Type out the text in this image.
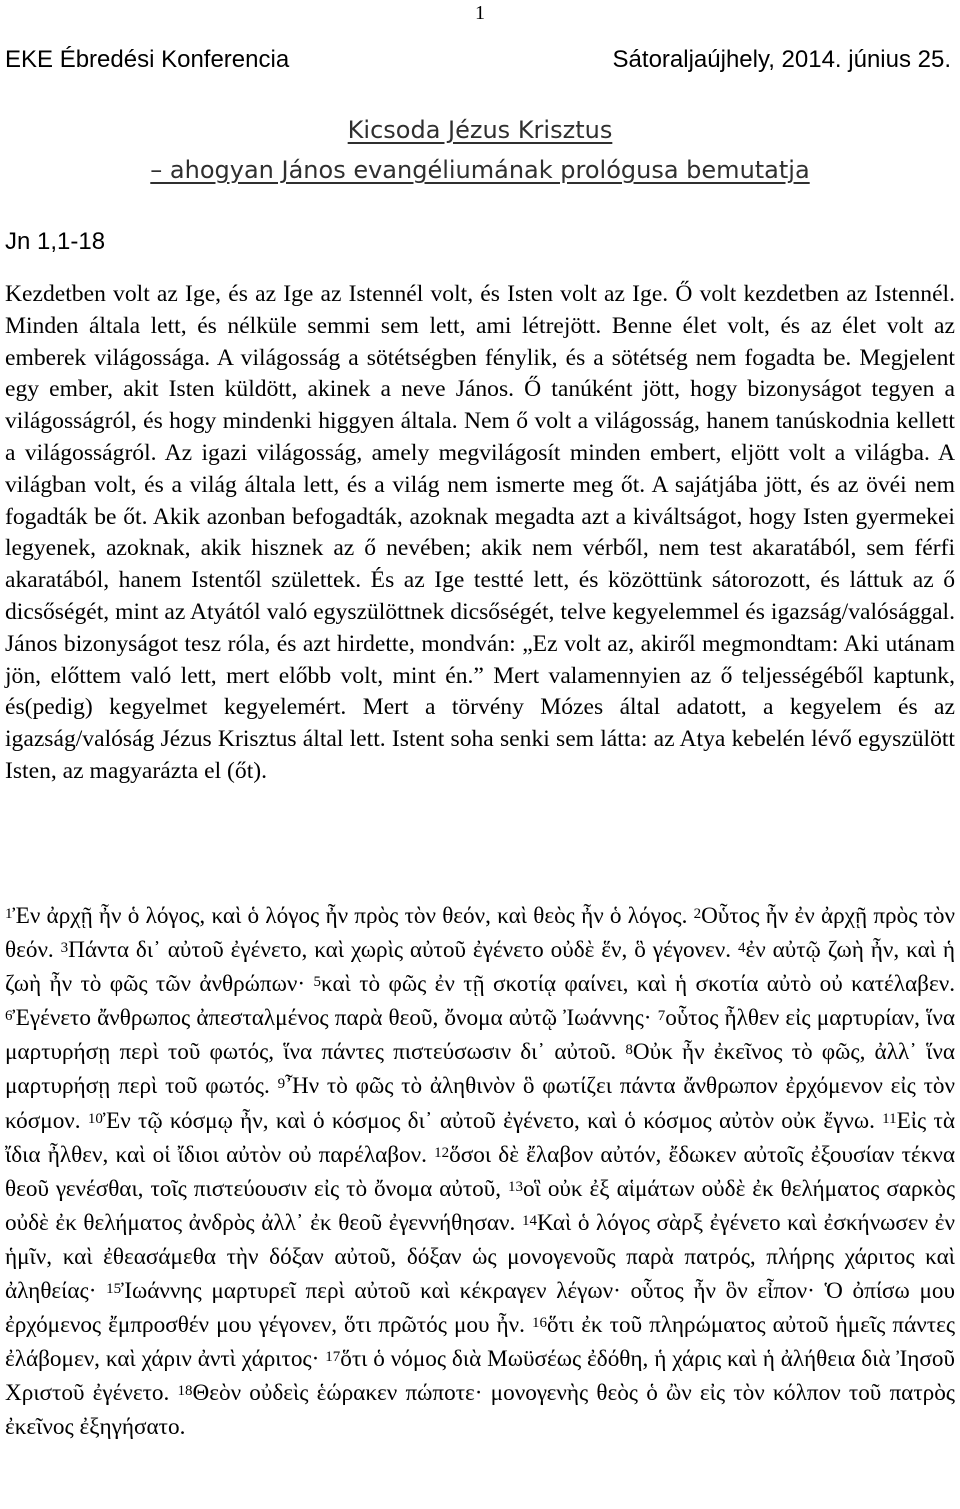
1
EKE Ébredési Konferencia	Sátoraljaújhely, 2014. június 25.
Kicsoda Jézus Krisztus
– ahogyan János evangéliumának prológusa bemutatja
Jn 1,1-18

Kezdetben volt az Ige, és az Ige az Istennél volt, és Isten volt az Ige. Ő volt kezdetben az Istennél. Minden általa lett, és nélküle semmi sem lett, ami létrejött. Benne élet volt, és az élet volt az emberek világossága. A világosság a sötétségben fénylik, és a sötétség nem fogadta be. Megjelent egy ember, akit Isten küldött, akinek a neve János. Ő tanúként jött, hogy bizonyságot tegyen a világosságról, és hogy mindenki higgyen általa. Nem ő volt a világosság, hanem tanúskodnia kellett a világosságról. Az igazi világosság, amely megvilágosít minden embert, eljött volt a világba. A világban volt, és a világ általa lett, és a világ nem ismerte meg őt. A sajátjába jött, és az övéi nem fogadták be őt. Akik azonban befogadták, azoknak megadta azt a kiváltságot, hogy Isten gyermekei legyenek, azoknak, akik hisznek az ő nevében; akik nem vérből, nem test akaratából, sem férfi akaratából, hanem Istentől születtek. És az Ige testté lett, és közöttünk sátorozott, és láttuk az ő dicsőségét, mint az Atyától való egyszülöttnek dicsőségét, telve kegyelemmel és igazság/valósággal. János bizonyságot tesz róla, és azt hirdette, mondván: „Ez volt az, akiről megmondtam: Aki utánam jön, előttem való lett, mert előbb volt, mint én.” Mert valamennyien az ő teljességéből kaptunk, és(pedig) kegyelmet kegyelemért. Mert a törvény Mózes által adatott, a kegyelem és az igazság/valóság Jézus Krisztus által lett. Istent soha senki sem látta: az Atya kebelén lévő egyszülött Isten, az magyarázta el (őt).

$^1$Ἐν ἀρχῇ ἦν ὁ λόγος, καὶ ὁ λόγος ἦν πρὸς τὸν θεόν, καὶ θεὸς ἦν ὁ λόγος. $^2$Οὗτος ἦν ἐν ἀρχῇ πρὸς τὸν θεόν. $^3$Πάντα δι᾽ αὐτοῦ ἐγένετο, καὶ χωρὶς αὐτοῦ ἐγένετο οὐδὲ ἕν, ὃ γέγονεν. $^4$ἐν αὐτῷ ζωὴ ἦν, καὶ ἡ ζωὴ ἦν τὸ φῶς τῶν ἀνθρώπων· $^5$καὶ τὸ φῶς ἐν τῇ σκοτίᾳ φαίνει, καὶ ἡ σκοτία αὐτὸ οὐ κατέλαβεν. $^6$Ἐγένετο ἄνθρωπος ἀπεσταλμένος παρὰ θεοῦ, ὄνομα αὐτῷ Ἰωάννης· $^7$οὗτος ἦλθεν εἰς μαρτυρίαν, ἵνα μαρτυρήσῃ περὶ τοῦ φωτός, ἵνα πάντες πιστεύσωσιν δι᾽ αὐτοῦ. $^8$Οὐκ ἦν ἐκεῖνος τὸ φῶς, ἀλλ᾽ ἵνα μαρτυρήσῃ περὶ τοῦ φωτός. $^9$Ἦν τὸ φῶς τὸ ἀληθινὸν ὃ φωτίζει πάντα ἄνθρωπον ἐρχόμενον εἰς τὸν κόσμον. $^{10}$Ἐν τῷ κόσμῳ ἦν, καὶ ὁ κόσμος δι᾽ αὐτοῦ ἐγένετο, καὶ ὁ κόσμος αὐτὸν οὐκ ἔγνω. $^{11}$Εἰς τὰ ἴδια ἦλθεν, καὶ οἱ ἴδιοι αὐτὸν οὐ παρέλαβον. $^{12}$ὅσοι δὲ ἔλαβον αὐτόν, ἔδωκεν αὐτοῖς ἐξουσίαν τέκνα θεοῦ γενέσθαι, τοῖς πιστεύουσιν εἰς τὸ ὄνομα αὐτοῦ, $^{13}$οἳ οὐκ ἐξ αἱμάτων οὐδὲ ἐκ θελήματος σαρκὸς οὐδὲ ἐκ θελήματος ἀνδρὸς ἀλλ᾽ ἐκ θεοῦ ἐγεννήθησαν. $^{14}$Καὶ ὁ λόγος σὰρξ ἐγένετο καὶ ἐσκήνωσεν ἐν ἡμῖν, καὶ ἐθεασάμεθα τὴν δόξαν αὐτοῦ, δόξαν ὡς μονογενοῦς παρὰ πατρός, πλήρης χάριτος καὶ ἀληθείας· $^{15}$Ἰωάννης μαρτυρεῖ περὶ αὐτοῦ καὶ κέκραγεν λέγων· οὗτος ἦν ὃν εἶπον· Ὁ ὀπίσω μου ἐρχόμενος ἔμπροσθέν μου γέγονεν, ὅτι πρῶτός μου ἦν. $^{16}$ὅτι ἐκ τοῦ πληρώματος αὐτοῦ ἡμεῖς πάντες ἐλάβομεν, καὶ χάριν ἀντὶ χάριτος· $^{17}$ὅτι ὁ νόμος διὰ Μωϋσέως ἐδόθη, ἡ χάρις καὶ ἡ ἀλήθεια διὰ Ἰησοῦ Χριστοῦ ἐγένετο. $^{18}$Θεὸν οὐδεὶς ἑώρακεν πώποτε· μονογενὴς θεὸς ὁ ὢν εἰς τὸν κόλπον τοῦ πατρὸς ἐκεῖνος ἐξηγήσατο.
